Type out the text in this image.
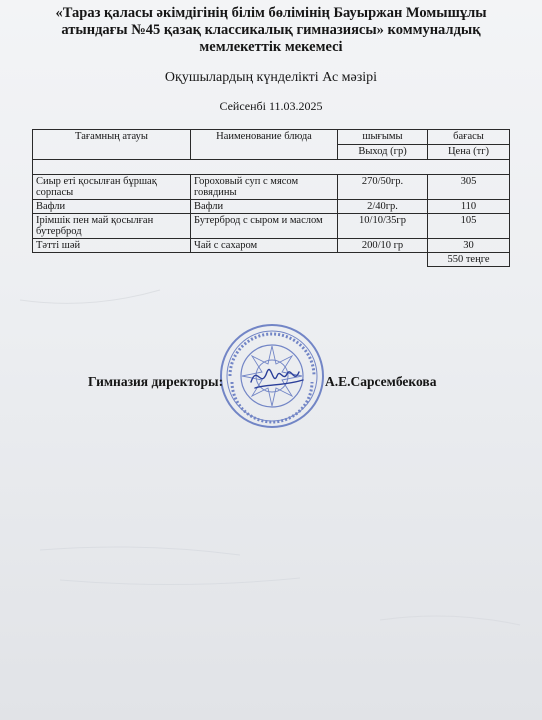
«Тараз қаласы әкімдігінің білім бөлімінің Бауыржан Момышұлы атындағы №45 қазақ классикалық гимназиясы» коммуналдық мемлекеттік мекемесі
Оқушылардың күнделікті Ас мәзірі
Сейсенбі 11.03.2025
Тағамның атауы	Наименование блюда	шығымы	бағасы
		Выход (гр)	Цена (тг)

Сиыр еті қосылған бұршақ сорпасы	Гороховый суп с мясом говядины	270/50гр.	305
Вафли	Вафли	2/40гр.	110
Ірімшік пен май қосылған бутерброд	Бутерброд с сыром и маслом	10/10/35гр	105
Тәтті шәй	Чай с сахаром	200/10 гр	30
			550 теңге
Гимназия директоры:	А.Е.Сарсембекова
